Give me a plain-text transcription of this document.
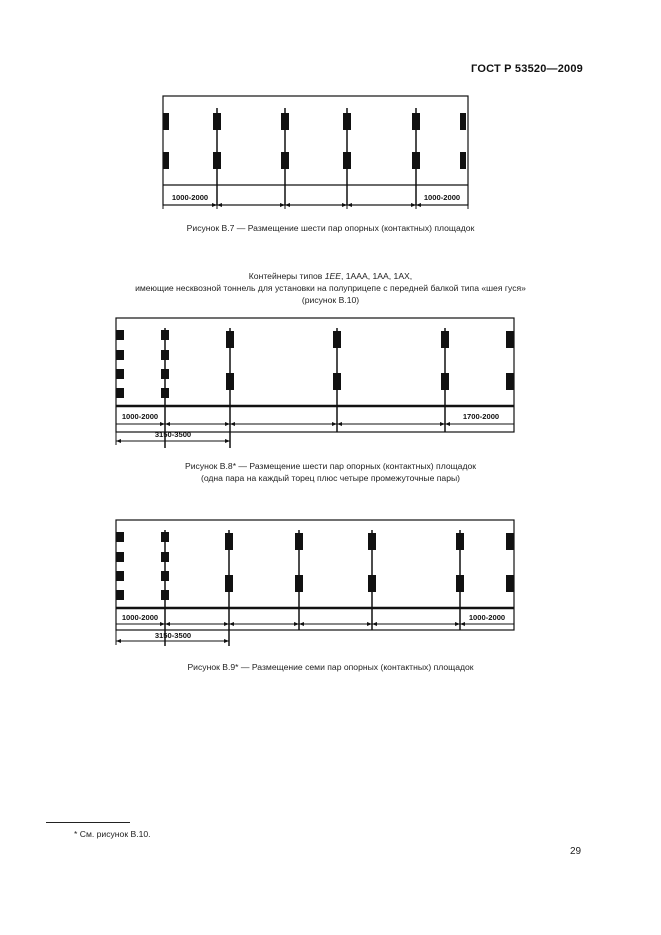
ГОСТ Р 53520—2009
1000-2000	1000-2000
Рисунок В.7 — Размещение шести пар опорных (контактных) площадок
Контейнеры типов 1EE, 1AAA, 1AA, 1AX,
имеющие несквозной тоннель для установки на полуприцепе с передней балкой типа «шея гуся»
(рисунок В.10)
1000-2000
3150-3500
1700-2000
Рисунок В.8* — Размещение шести пар опорных (контактных) площадок
(одна пара на каждый торец плюс четыре промежуточные пары)
1000-2000
3150-3500
1000-2000
Рисунок В.9* — Размещение семи пар опорных (контактных) площадок
* См. рисунок В.10.
29
